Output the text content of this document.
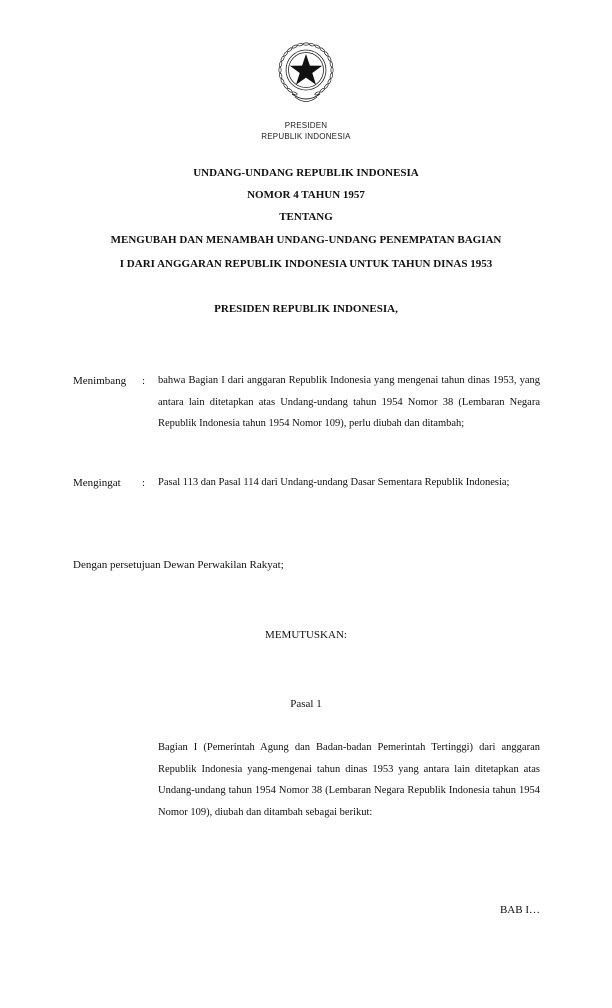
PRESIDEN
REPUBLIK INDONESIA
UNDANG-UNDANG REPUBLIK INDONESIA
NOMOR 4 TAHUN 1957
TENTANG
MENGUBAH DAN MENAMBAH UNDANG-UNDANG PENEMPATAN BAGIAN
I DARI ANGGARAN REPUBLIK INDONESIA UNTUK TAHUN DINAS 1953
PRESIDEN REPUBLIK INDONESIA,
Menimbang : bahwa Bagian I dari anggaran Republik Indonesia yang mengenai tahun dinas 1953, yang antara lain ditetapkan atas Undang-undang tahun 1954 Nomor 38 (Lembaran Negara Republik Indonesia tahun 1954 Nomor 109), perlu diubah dan ditambah;
Mengingat : Pasal 113 dan Pasal 114 dari Undang-undang Dasar Sementara Republik Indonesia;
Dengan persetujuan Dewan Perwakilan Rakyat;
MEMUTUSKAN:
Pasal 1
Bagian I (Pemerintah Agung dan Badan-badan Pemerintah Tertinggi) dari anggaran Republik Indonesia yang-mengenai tahun dinas 1953 yang antara lain ditetapkan atas Undang-undang tahun 1954 Nomor 38 (Lembaran Negara Republik Indonesia tahun 1954 Nomor 109), diubah dan ditambah sebagai berikut:
BAB I…
